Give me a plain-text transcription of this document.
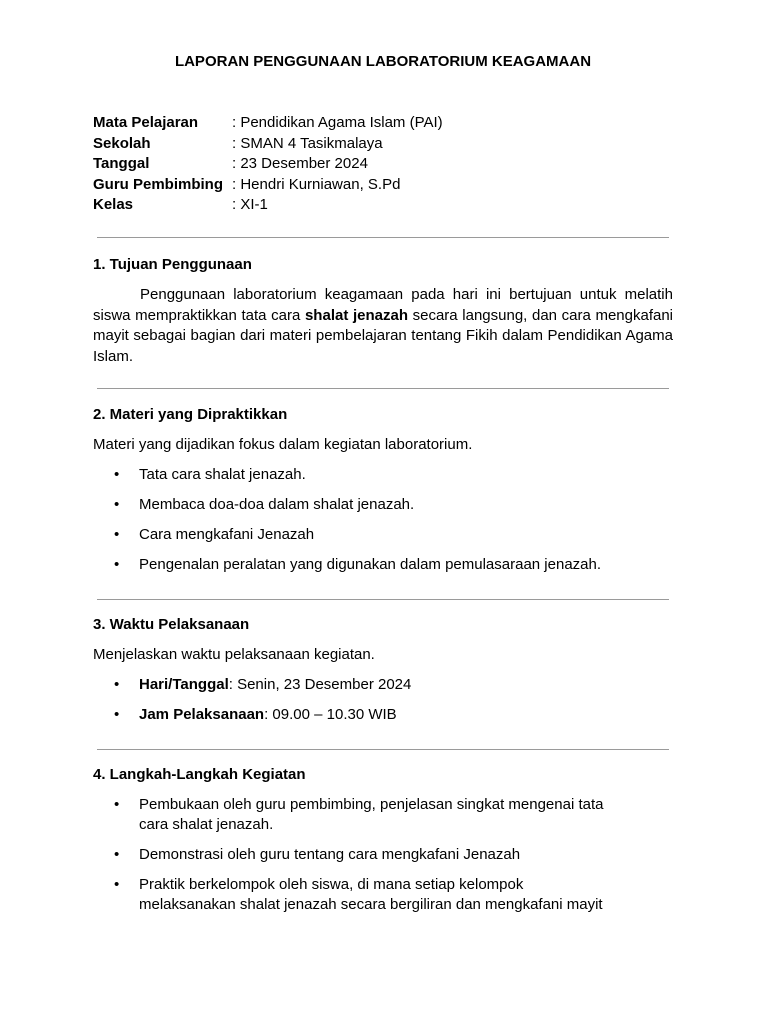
LAPORAN PENGGUNAAN LABORATORIUM KEAGAMAAN
Mata Pelajaran	: Pendidikan Agama Islam (PAI)
Sekolah	: SMAN 4 Tasikmalaya
Tanggal	: 23 Desember 2024
Guru Pembimbing : Hendri Kurniawan, S.Pd
Kelas	: XI-1
1. Tujuan Penggunaan
Penggunaan laboratorium keagamaan pada hari ini bertujuan untuk melatih siswa mempraktikkan tata cara shalat jenazah secara langsung, dan cara mengkafani mayit sebagai bagian dari materi pembelajaran tentang Fikih dalam Pendidikan Agama Islam.
2. Materi yang Dipraktikkan
Materi yang dijadikan fokus dalam kegiatan laboratorium.
• Tata cara shalat jenazah.
• Membaca doa-doa dalam shalat jenazah.
• Cara mengkafani Jenazah
• Pengenalan peralatan yang digunakan dalam pemulasaraan jenazah.
3. Waktu Pelaksanaan
Menjelaskan waktu pelaksanaan kegiatan.
• Hari/Tanggal: Senin, 23 Desember 2024
• Jam Pelaksanaan: 09.00 – 10.30 WIB
4. Langkah-Langkah Kegiatan
• Pembukaan oleh guru pembimbing, penjelasan singkat mengenai tata cara shalat jenazah.
• Demonstrasi oleh guru tentang cara mengkafani Jenazah
• Praktik berkelompok oleh siswa, di mana setiap kelompok melaksanakan shalat jenazah secara bergiliran dan mengkafani mayit
